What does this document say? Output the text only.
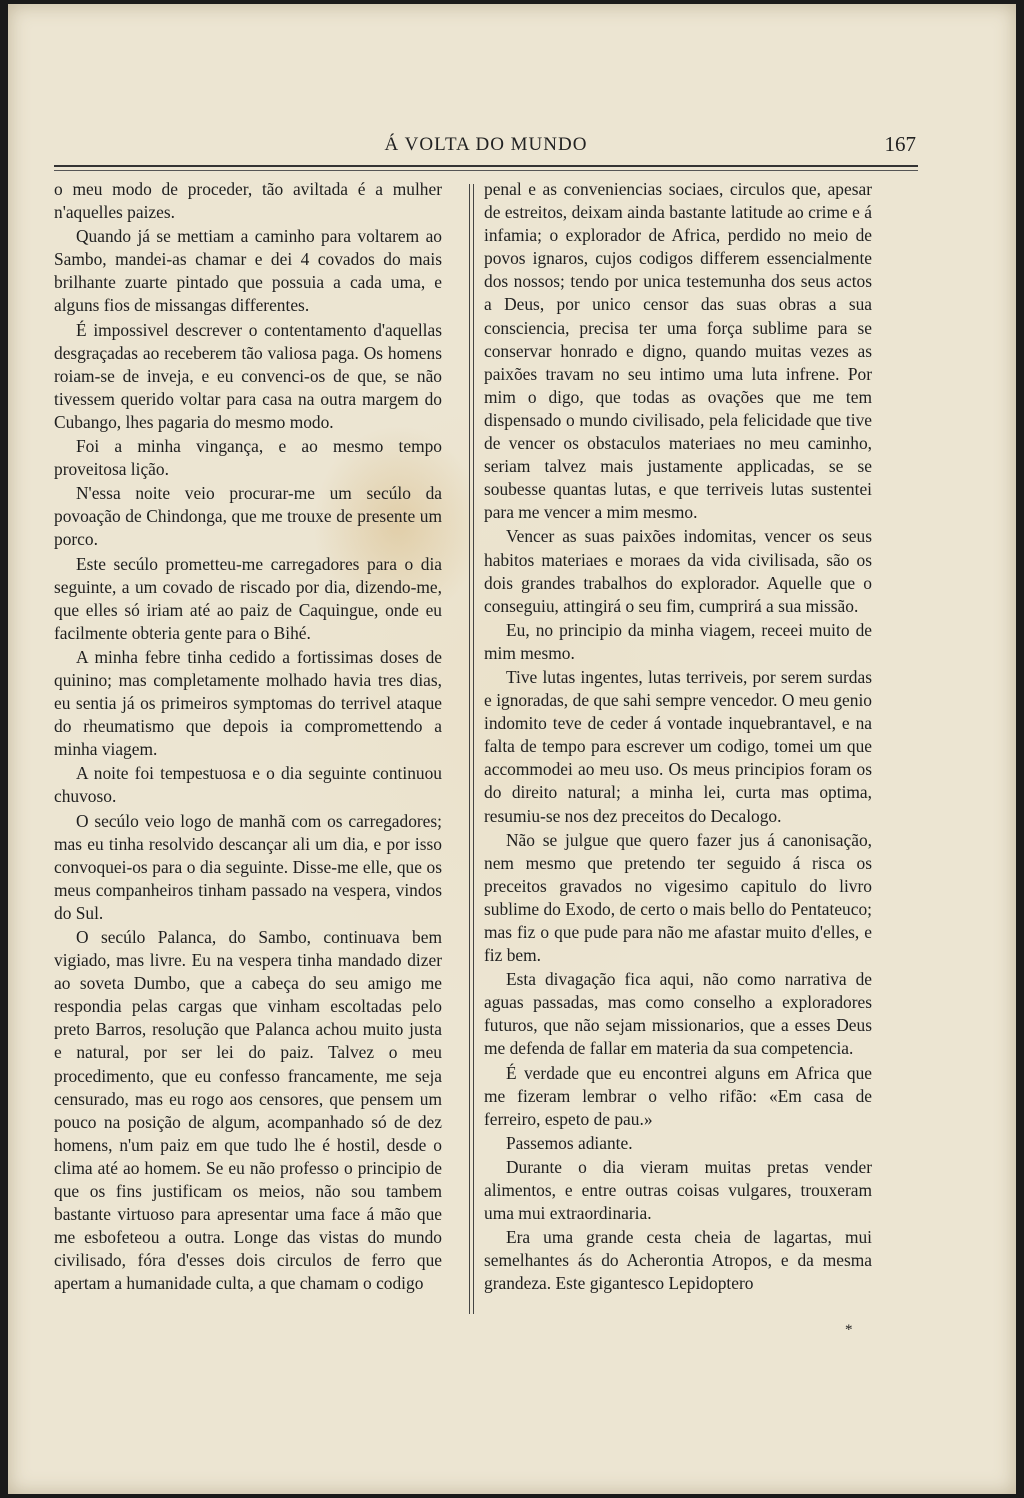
Á VOLTA DO MUNDO	167

o meu modo de proceder, tão aviltada é a mulher n'aquelles paizes.

Quando já se mettiam a caminho para voltarem ao Sambo, mandei-as chamar e dei 4 covados do mais brilhante zuarte pintado que possuia a cada uma, e alguns fios de missangas differentes.

É impossivel descrever o contentamento d'aquellas desgraçadas ao receberem tão valiosa paga. Os homens roiam-se de inveja, e eu convenci-os de que, se não tivessem querido voltar para casa na outra margem do Cubango, lhes pagaria do mesmo modo.

Foi a minha vingança, e ao mesmo tempo proveitosa lição.

N'essa noite veio procurar-me um secúlo da povoação de Chindonga, que me trouxe de presente um porco.

Este secúlo prometteu-me carregadores para o dia seguinte, a um covado de riscado por dia, dizendo-me, que elles só iriam até ao paiz de Caquingue, onde eu facilmente obteria gente para o Bihé.

A minha febre tinha cedido a fortissimas doses de quinino; mas completamente molhado havia tres dias, eu sentia já os primeiros symptomas do terrivel ataque do rheumatismo que depois ia compromettendo a minha viagem.

A noite foi tempestuosa e o dia seguinte continuou chuvoso.

O secúlo veio logo de manhã com os carregadores; mas eu tinha resolvido descançar ali um dia, e por isso convoquei-os para o dia seguinte. Disse-me elle, que os meus companheiros tinham passado na vespera, vindos do Sul.

O secúlo Palanca, do Sambo, continuava bem vigiado, mas livre. Eu na vespera tinha mandado dizer ao soveta Dumbo, que a cabeça do seu amigo me respondia pelas cargas que vinham escoltadas pelo preto Barros, resolução que Palanca achou muito justa e natural, por ser lei do paiz. Talvez o meu procedimento, que eu confesso francamente, me seja censurado, mas eu rogo aos censores, que pensem um pouco na posição de algum, acompanhado só de dez homens, n'um paiz em que tudo lhe é hostil, desde o clima até ao homem. Se eu não professo o principio de que os fins justificam os meios, não sou tambem bastante virtuoso para apresentar uma face á mão que me esbofeteou a outra. Longe das vistas do mundo civilisado, fóra d'esses dois circulos de ferro que apertam a humanidade culta, a que chamam o codigo

penal e as conveniencias sociaes, circulos que, apesar de estreitos, deixam ainda bastante latitude ao crime e á infamia; o explorador de Africa, perdido no meio de povos ignaros, cujos codigos differem essencialmente dos nossos; tendo por unica testemunha dos seus actos a Deus, por unico censor das suas obras a sua consciencia, precisa ter uma força sublime para se conservar honrado e digno, quando muitas vezes as paixões travam no seu intimo uma luta infrene. Por mim o digo, que todas as ovações que me tem dispensado o mundo civilisado, pela felicidade que tive de vencer os obstaculos materiaes no meu caminho, seriam talvez mais justamente applicadas, se se soubesse quantas lutas, e que terriveis lutas sustentei para me vencer a mim mesmo.

Vencer as suas paixões indomitas, vencer os seus habitos materiaes e moraes da vida civilisada, são os dois grandes trabalhos do explorador. Aquelle que o conseguiu, attingirá o seu fim, cumprirá a sua missão.

Eu, no principio da minha viagem, receei muito de mim mesmo.

Tive lutas ingentes, lutas terriveis, por serem surdas e ignoradas, de que sahi sempre vencedor. O meu genio indomito teve de ceder á vontade inquebrantavel, e na falta de tempo para escrever um codigo, tomei um que accommodei ao meu uso. Os meus principios foram os do direito natural; a minha lei, curta mas optima, resumiu-se nos dez preceitos do Decalogo.

Não se julgue que quero fazer jus á canonisação, nem mesmo que pretendo ter seguido á risca os preceitos gravados no vigesimo capitulo do livro sublime do Exodo, de certo o mais bello do Pentateuco; mas fiz o que pude para não me afastar muito d'elles, e fiz bem.

Esta divagação fica aqui, não como narrativa de aguas passadas, mas como conselho a exploradores futuros, que não sejam missionarios, que a esses Deus me defenda de fallar em materia da sua competencia.

É verdade que eu encontrei alguns em Africa que me fizeram lembrar o velho rifão: «Em casa de ferreiro, espeto de pau.»

Passemos adiante.

Durante o dia vieram muitas pretas vender alimentos, e entre outras coisas vulgares, trouxeram uma mui extraordinaria.

Era uma grande cesta cheia de lagartas, mui semelhantes ás do Acherontia Atropos, e da mesma grandeza. Este gigantesco Lepidoptero

*
